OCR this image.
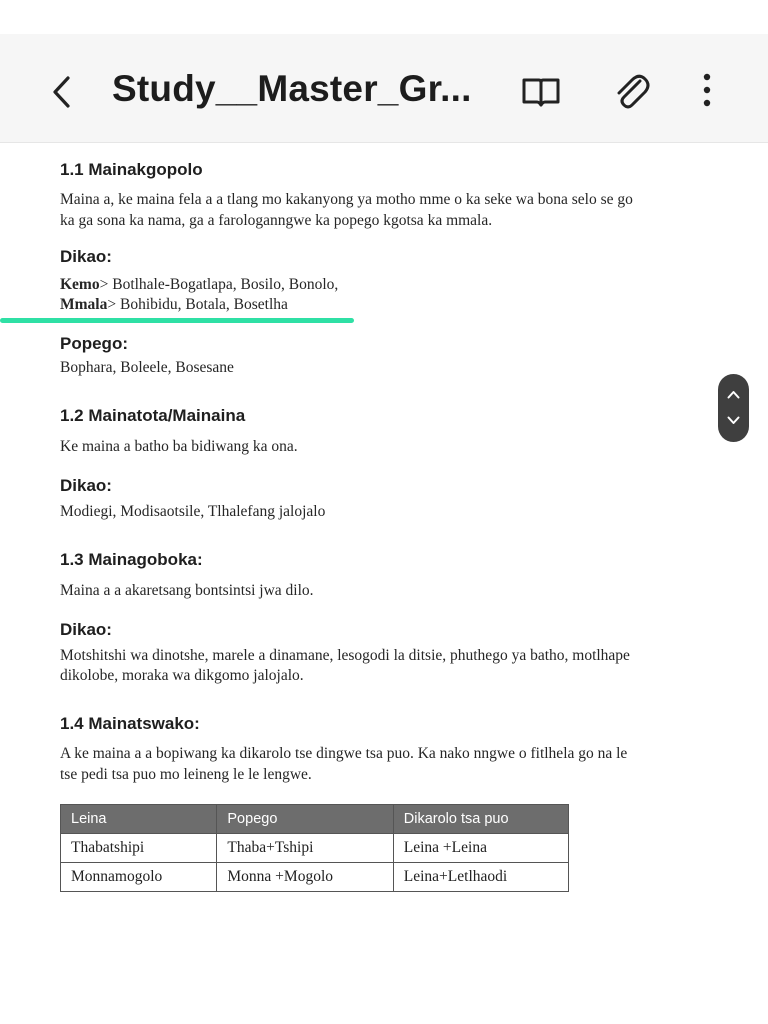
Study__Master_Gr...
1.1 Mainakgopolo
Maina a, ke maina fela a a tlang mo kakanyong ya motho mme o ka seke wa bona selo se go
ka ga sona ka nama, ga a farologanngwe ka popego kgotsa ka mmala.
Dikao:
Kemo> Botlhale-Bogatlapa, Bosilo, Bonolo,
Mmala> Bohibidu, Botala, Bosetlha
Popego:
Bophara, Boleele, Bosesane
1.2 Mainatota/Mainaina
Ke maina a batho ba bidiwang ka ona.
Dikao:
Modiegi, Modisaotsile, Tlhalefang jalojalo
1.3 Mainagoboka:
Maina a a akaretsang bontsintsi jwa dilo.
Dikao:
Motshitshi wa dinotshe, marele a dinamane, lesogodi la ditsie, phuthego ya batho, motlhape
dikolobe, moraka wa dikgomo jalojalo.
1.4 Mainatswako:
A ke maina a a bopiwang ka dikarolo tse dingwe tsa puo. Ka nako nngwe o fitlhela go na le
tse pedi tsa puo mo leineng le le lengwe.
Leina	Popego	Dikarolo tsa puo
Thabatshipi	Thaba+Tshipi	Leina +Leina
Monnamogolo	Monna +Mogolo	Leina+Letlhaodi
